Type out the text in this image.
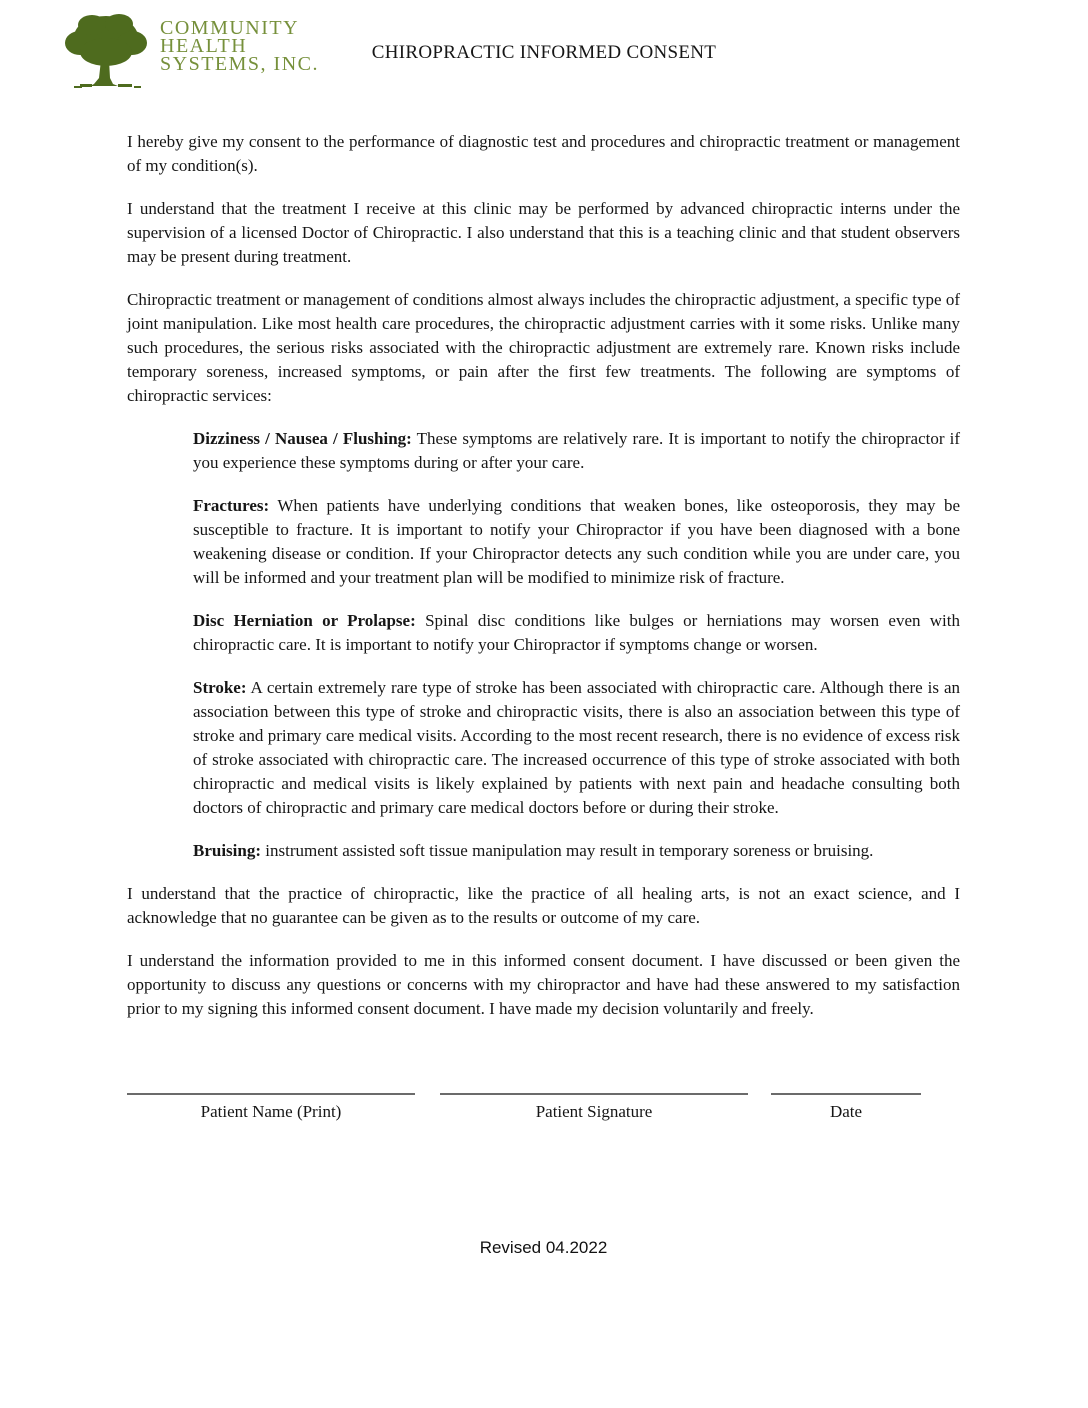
COMMUNITY
HEALTH
SYSTEMS, INC.
CHIROPRACTIC INFORMED CONSENT

I hereby give my consent to the performance of diagnostic test and procedures and chiropractic treatment or management of my condition(s).

I understand that the treatment I receive at this clinic may be performed by advanced chiropractic interns under the supervision of a licensed Doctor of Chiropractic. I also understand that this is a teaching clinic and that student observers may be present during treatment.

Chiropractic treatment or management of conditions almost always includes the chiropractic adjustment, a specific type of joint manipulation. Like most health care procedures, the chiropractic adjustment carries with it some risks. Unlike many such procedures, the serious risks associated with the chiropractic adjustment are extremely rare. Known risks include temporary soreness, increased symptoms, or pain after the first few treatments. The following are symptoms of chiropractic services:

Dizziness / Nausea / Flushing: These symptoms are relatively rare. It is important to notify the chiropractor if you experience these symptoms during or after your care.

Fractures: When patients have underlying conditions that weaken bones, like osteoporosis, they may be susceptible to fracture. It is important to notify your Chiropractor if you have been diagnosed with a bone weakening disease or condition. If your Chiropractor detects any such condition while you are under care, you will be informed and your treatment plan will be modified to minimize risk of fracture.

Disc Herniation or Prolapse: Spinal disc conditions like bulges or herniations may worsen even with chiropractic care. It is important to notify your Chiropractor if symptoms change or worsen.

Stroke: A certain extremely rare type of stroke has been associated with chiropractic care. Although there is an association between this type of stroke and chiropractic visits, there is also an association between this type of stroke and primary care medical visits. According to the most recent research, there is no evidence of excess risk of stroke associated with chiropractic care. The increased occurrence of this type of stroke associated with both chiropractic and medical visits is likely explained by patients with next pain and headache consulting both doctors of chiropractic and primary care medical doctors before or during their stroke.

Bruising: instrument assisted soft tissue manipulation may result in temporary soreness or bruising.

I understand that the practice of chiropractic, like the practice of all healing arts, is not an exact science, and I acknowledge that no guarantee can be given as to the results or outcome of my care.

I understand the information provided to me in this informed consent document. I have discussed or been given the opportunity to discuss any questions or concerns with my chiropractor and have had these answered to my satisfaction prior to my signing this informed consent document. I have made my decision voluntarily and freely.

Patient Name (Print)	Patient Signature	Date
Revised 04.2022
